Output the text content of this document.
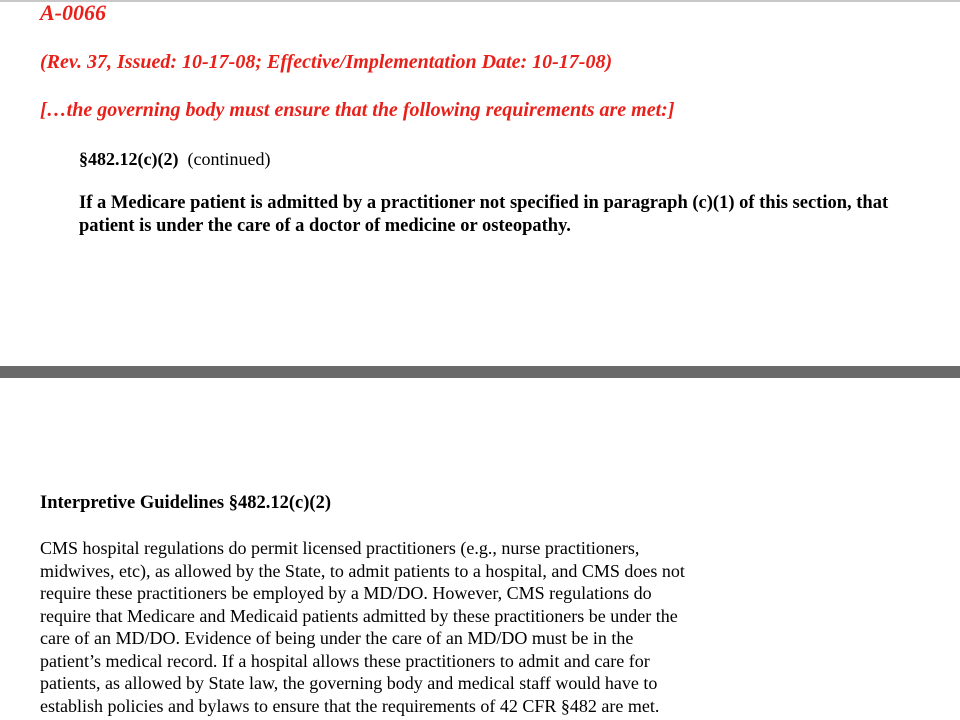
A-0066
(Rev. 37, Issued: 10-17-08; Effective/Implementation Date: 10-17-08)
[…the governing body must ensure that the following requirements are met:]
§482.12(c)(2) (continued)

If a Medicare patient is admitted by a practitioner not specified in paragraph (c)(1) of this section, that patient is under the care of a doctor of medicine or osteopathy.

Interpretive Guidelines §482.12(c)(2)

CMS hospital regulations do permit licensed practitioners (e.g., nurse practitioners,
midwives, etc), as allowed by the State, to admit patients to a hospital, and CMS does not
require these practitioners be employed by a MD/DO. However, CMS regulations do
require that Medicare and Medicaid patients admitted by these practitioners be under the
care of an MD/DO. Evidence of being under the care of an MD/DO must be in the
patient’s medical record. If a hospital allows these practitioners to admit and care for
patients, as allowed by State law, the governing body and medical staff would have to
establish policies and bylaws to ensure that the requirements of 42 CFR §482 are met.
